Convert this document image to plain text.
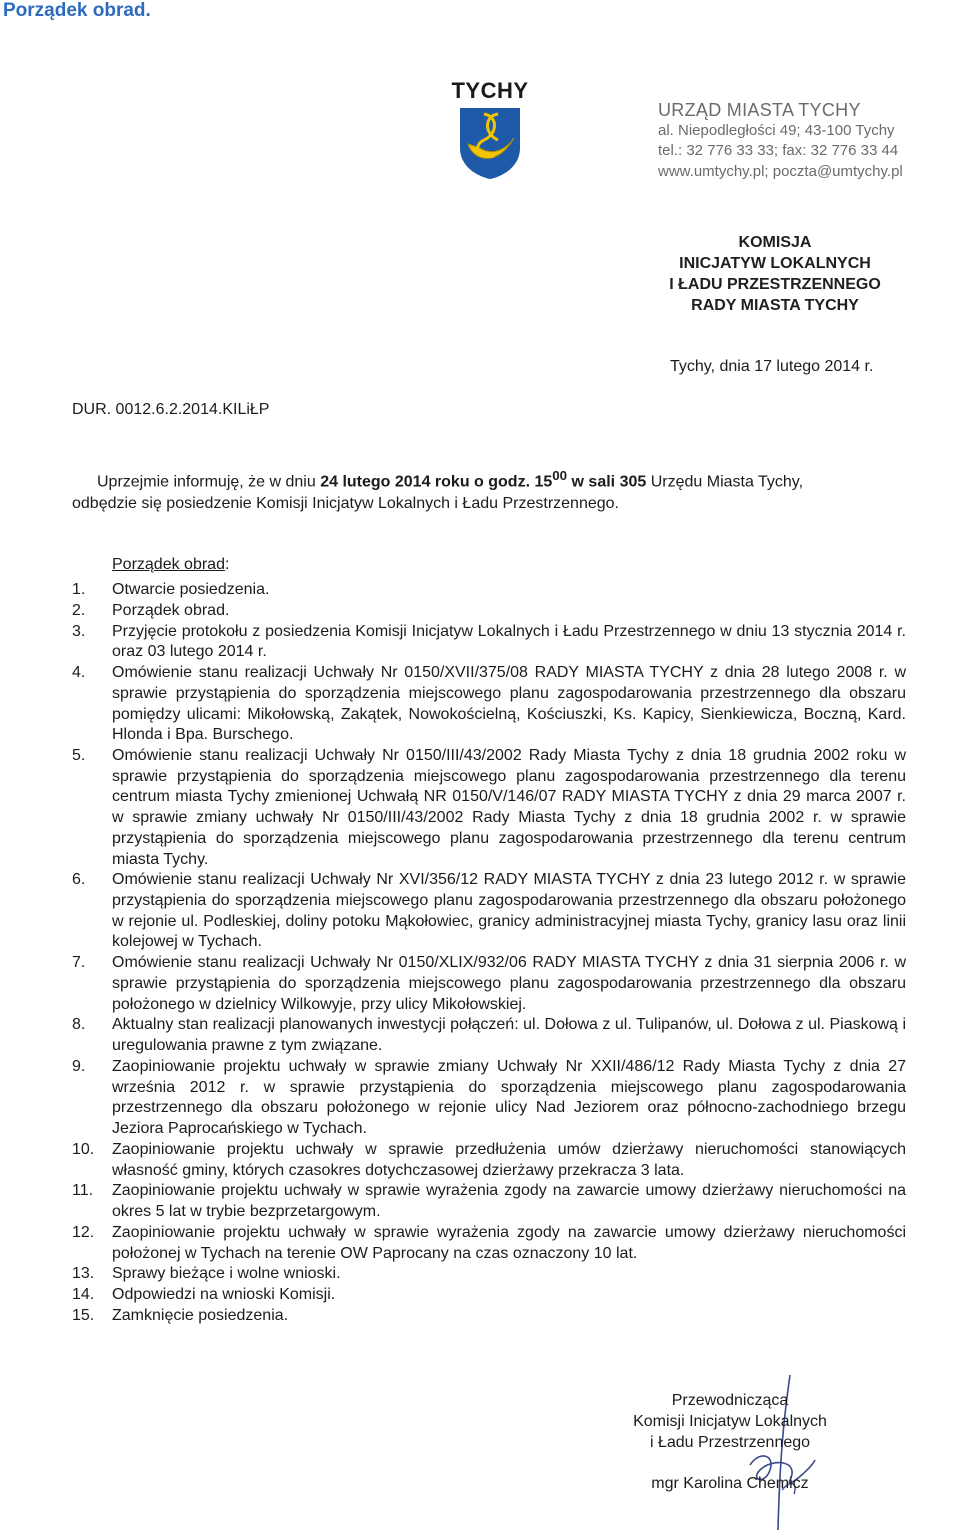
Porządek obrad.
TYCHY
URZĄD MIASTA TYCHY
al. Niepodległości 49; 43-100 Tychy
tel.: 32 776 33 33; fax: 32 776 33 44
www.umtychy.pl; poczta@umtychy.pl
KOMISJA
INICJATYW LOKALNYCH
I ŁADU PRZESTRZENNEGO
RADY MIASTA TYCHY
Tychy, dnia 17 lutego 2014 r.
DUR. 0012.6.2.2014.KILiŁP
Uprzejmie informuję, że w dniu 24 lutego 2014 roku o godz. $15^{00}$ w sali 305 Urzędu Miasta Tychy,
odbędzie się posiedzenie Komisji Inicjatyw Lokalnych i Ładu Przestrzennego.
Porządek obrad:
1.	Otwarcie posiedzenia.
2.	Porządek obrad.
3.	Przyjęcie protokołu z posiedzenia Komisji Inicjatyw Lokalnych i Ładu Przestrzennego w dniu 13 stycznia 2014 r. oraz 03 lutego 2014 r.
4.	Omówienie stanu realizacji Uchwały Nr 0150/XVII/375/08 RADY MIASTA TYCHY z dnia 28 lutego 2008 r. w sprawie przystąpienia do sporządzenia miejscowego planu zagospodarowania przestrzennego dla obszaru pomiędzy ulicami: Mikołowską, Zakątek, Nowokościelną, Kościuszki, Ks. Kapicy, Sienkiewicza, Boczną, Kard. Hlonda i Bpa. Burschego.
5.	Omówienie stanu realizacji Uchwały Nr 0150/III/43/2002 Rady Miasta Tychy z dnia 18 grudnia 2002 roku w sprawie przystąpienia do sporządzenia miejscowego planu zagospodarowania przestrzennego dla terenu centrum miasta Tychy zmienionej Uchwałą NR 0150/V/146/07 RADY MIASTA TYCHY z dnia 29 marca 2007 r. w sprawie zmiany uchwały Nr 0150/III/43/2002 Rady Miasta Tychy z dnia 18 grudnia 2002 r. w sprawie przystąpienia do sporządzenia miejscowego planu zagospodarowania przestrzennego dla terenu centrum miasta Tychy.
6.	Omówienie stanu realizacji Uchwały Nr XVI/356/12 RADY MIASTA TYCHY z dnia 23 lutego 2012 r. w sprawie przystąpienia do sporządzenia miejscowego planu zagospodarowania przestrzennego dla obszaru położonego w rejonie ul. Podleskiej, doliny potoku Mąkołowiec, granicy administracyjnej miasta Tychy, granicy lasu oraz linii kolejowej w Tychach.
7.	Omówienie stanu realizacji Uchwały Nr 0150/XLIX/932/06 RADY MIASTA TYCHY z dnia 31 sierpnia 2006 r. w sprawie przystąpienia do sporządzenia miejscowego planu zagospodarowania przestrzennego dla obszaru położonego w dzielnicy Wilkowyje, przy ulicy Mikołowskiej.
8.	Aktualny stan realizacji planowanych inwestycji połączeń: ul. Dołowa z ul. Tulipanów, ul. Dołowa z ul. Piaskową i uregulowania prawne z tym związane.
9.	Zaopiniowanie projektu uchwały w sprawie zmiany Uchwały Nr XXII/486/12 Rady Miasta Tychy z dnia 27 września 2012 r. w sprawie przystąpienia do sporządzenia miejscowego planu zagospodarowania przestrzennego dla obszaru położonego w rejonie ulicy Nad Jeziorem oraz północno-zachodniego brzegu Jeziora Paprocańskiego w Tychach.
10.	Zaopiniowanie projektu uchwały w sprawie przedłużenia umów dzierżawy nieruchomości stanowiących własność gminy, których czasokres dotychczasowej dzierżawy przekracza 3 lata.
11.	Zaopiniowanie projektu uchwały w sprawie wyrażenia zgody na zawarcie umowy dzierżawy nieruchomości na okres 5 lat w trybie bezprzetargowym.
12.	Zaopiniowanie projektu uchwały w sprawie wyrażenia zgody na zawarcie umowy dzierżawy nieruchomości położonej w Tychach na terenie OW Paprocany na czas oznaczony 10 lat.
13.	Sprawy bieżące i wolne wnioski.
14.	Odpowiedzi na wnioski Komisji.
15.	Zamknięcie posiedzenia.
Przewodnicząca
Komisji Inicjatyw Lokalnych
i Ładu Przestrzennego
mgr Karolina Chemicz
